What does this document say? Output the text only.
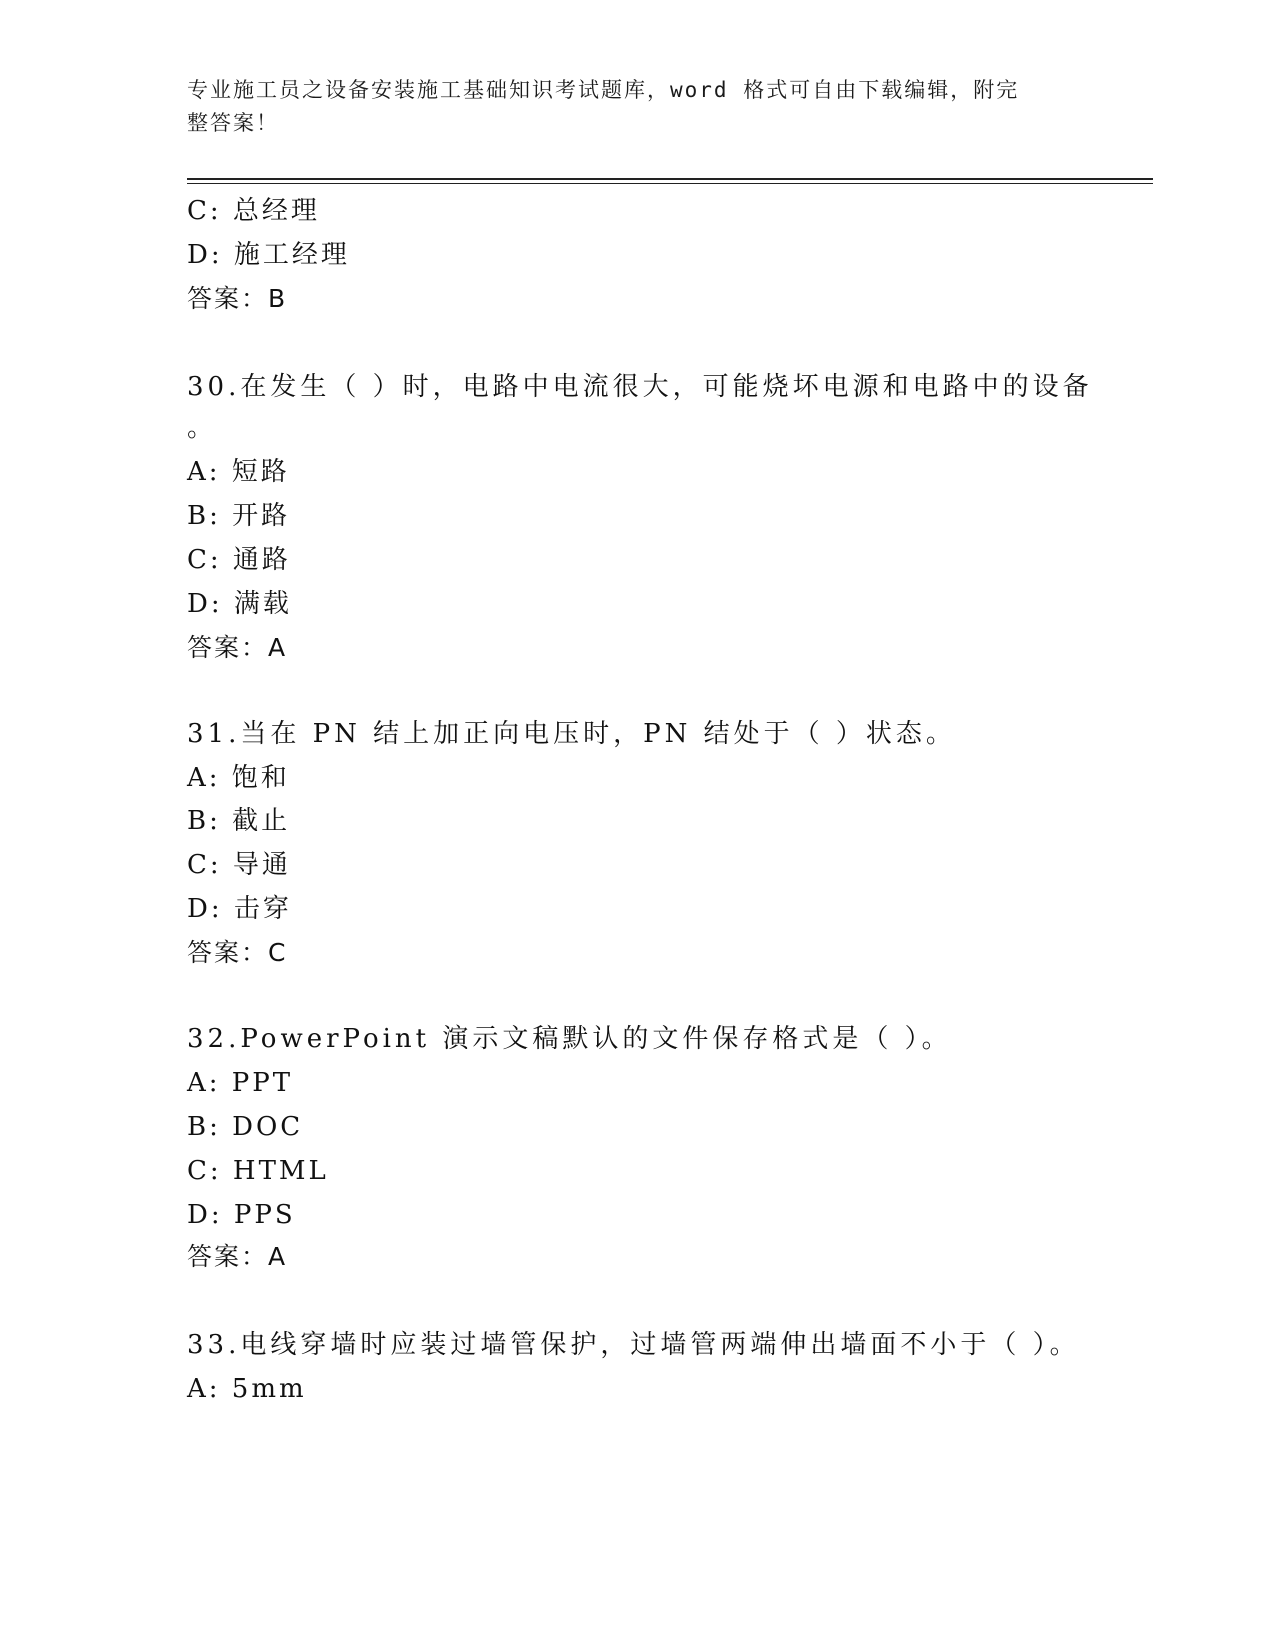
专业施工员之设备安装施工基础知识考试题库，word 格式可自由下载编辑，附完
整答案！
C: 总经理
D: 施工经理
答案：B
30.在发生（ ）时，电路中电流很大，可能烧坏电源和电路中的设备
。
A: 短路
B: 开路
C: 通路
D: 满载
答案：A
31.当在 PN 结上加正向电压时，PN 结处于（ ）状态。
A: 饱和
B: 截止
C: 导通
D: 击穿
答案：C
32.PowerPoint 演示文稿默认的文件保存格式是（ ）。
A: PPT
B: DOC
C: HTML
D: PPS
答案：A
33.电线穿墙时应装过墙管保护，过墙管两端伸出墙面不小于（ ）。
A: 5mm
